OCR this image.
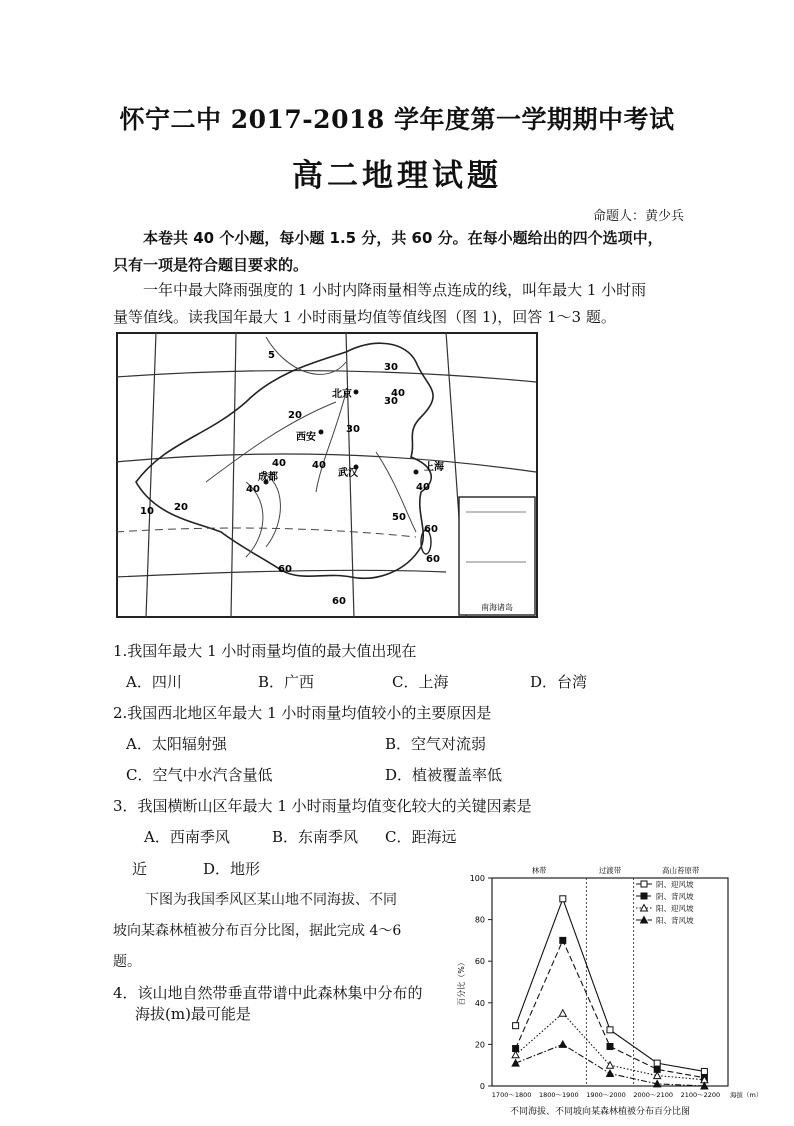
怀宁二中 2017-2018 学年度第一学期期中考试
高二地理试题
命题人：黄少兵
本卷共 40 个小题，每小题 1.5 分，共 60 分。在每小题给出的四个选项中，
只有一项是符合题目要求的。
一年中最大降雨强度的 1 小时内降雨量相等点连成的线，叫年最大 1 小时雨
量等值线。读我国年最大 1 小时雨量均值等值线图（图 1)，回答 1～3 题。
南海诸岛
北京
西安
上海
成都	武汉
5
30
20
30
30
40
40
40	40
40
10 20
50
60
60
60
60
1.我国年最大 1 小时雨量均值的最大值出现在
A．四川	B．广西	C．上海	D．台湾
2.我国西北地区年最大 1 小时雨量均值较小的主要原因是
A．太阳辐射强	B．空气对流弱
C．空气中水汽含量低	D．植被覆盖率低
3．我国横断山区年最大 1 小时雨量均值变化较大的关键因素是
A．西南季风	B．东南季风 C．距海远
近	D．地形
下图为我国季风区某山地不同海拔、不同
坡向某森林植被分布百分比图，据此完成 4～6
题。
4．该山地自然带垂直带谱中此森林集中分布的
海拔(m)最可能是
0
20
40
60
80
100
林带	过渡带	高山苔原带
1700～1800 1800～1900 1900～2000 2000～2100 2100～2200 海拔（m）
百分比（%）
阴、迎风坡
阴、背风坡
阳、迎风坡
阳、背风坡
不同海拔、不同坡向某森林植被分布百分比图
